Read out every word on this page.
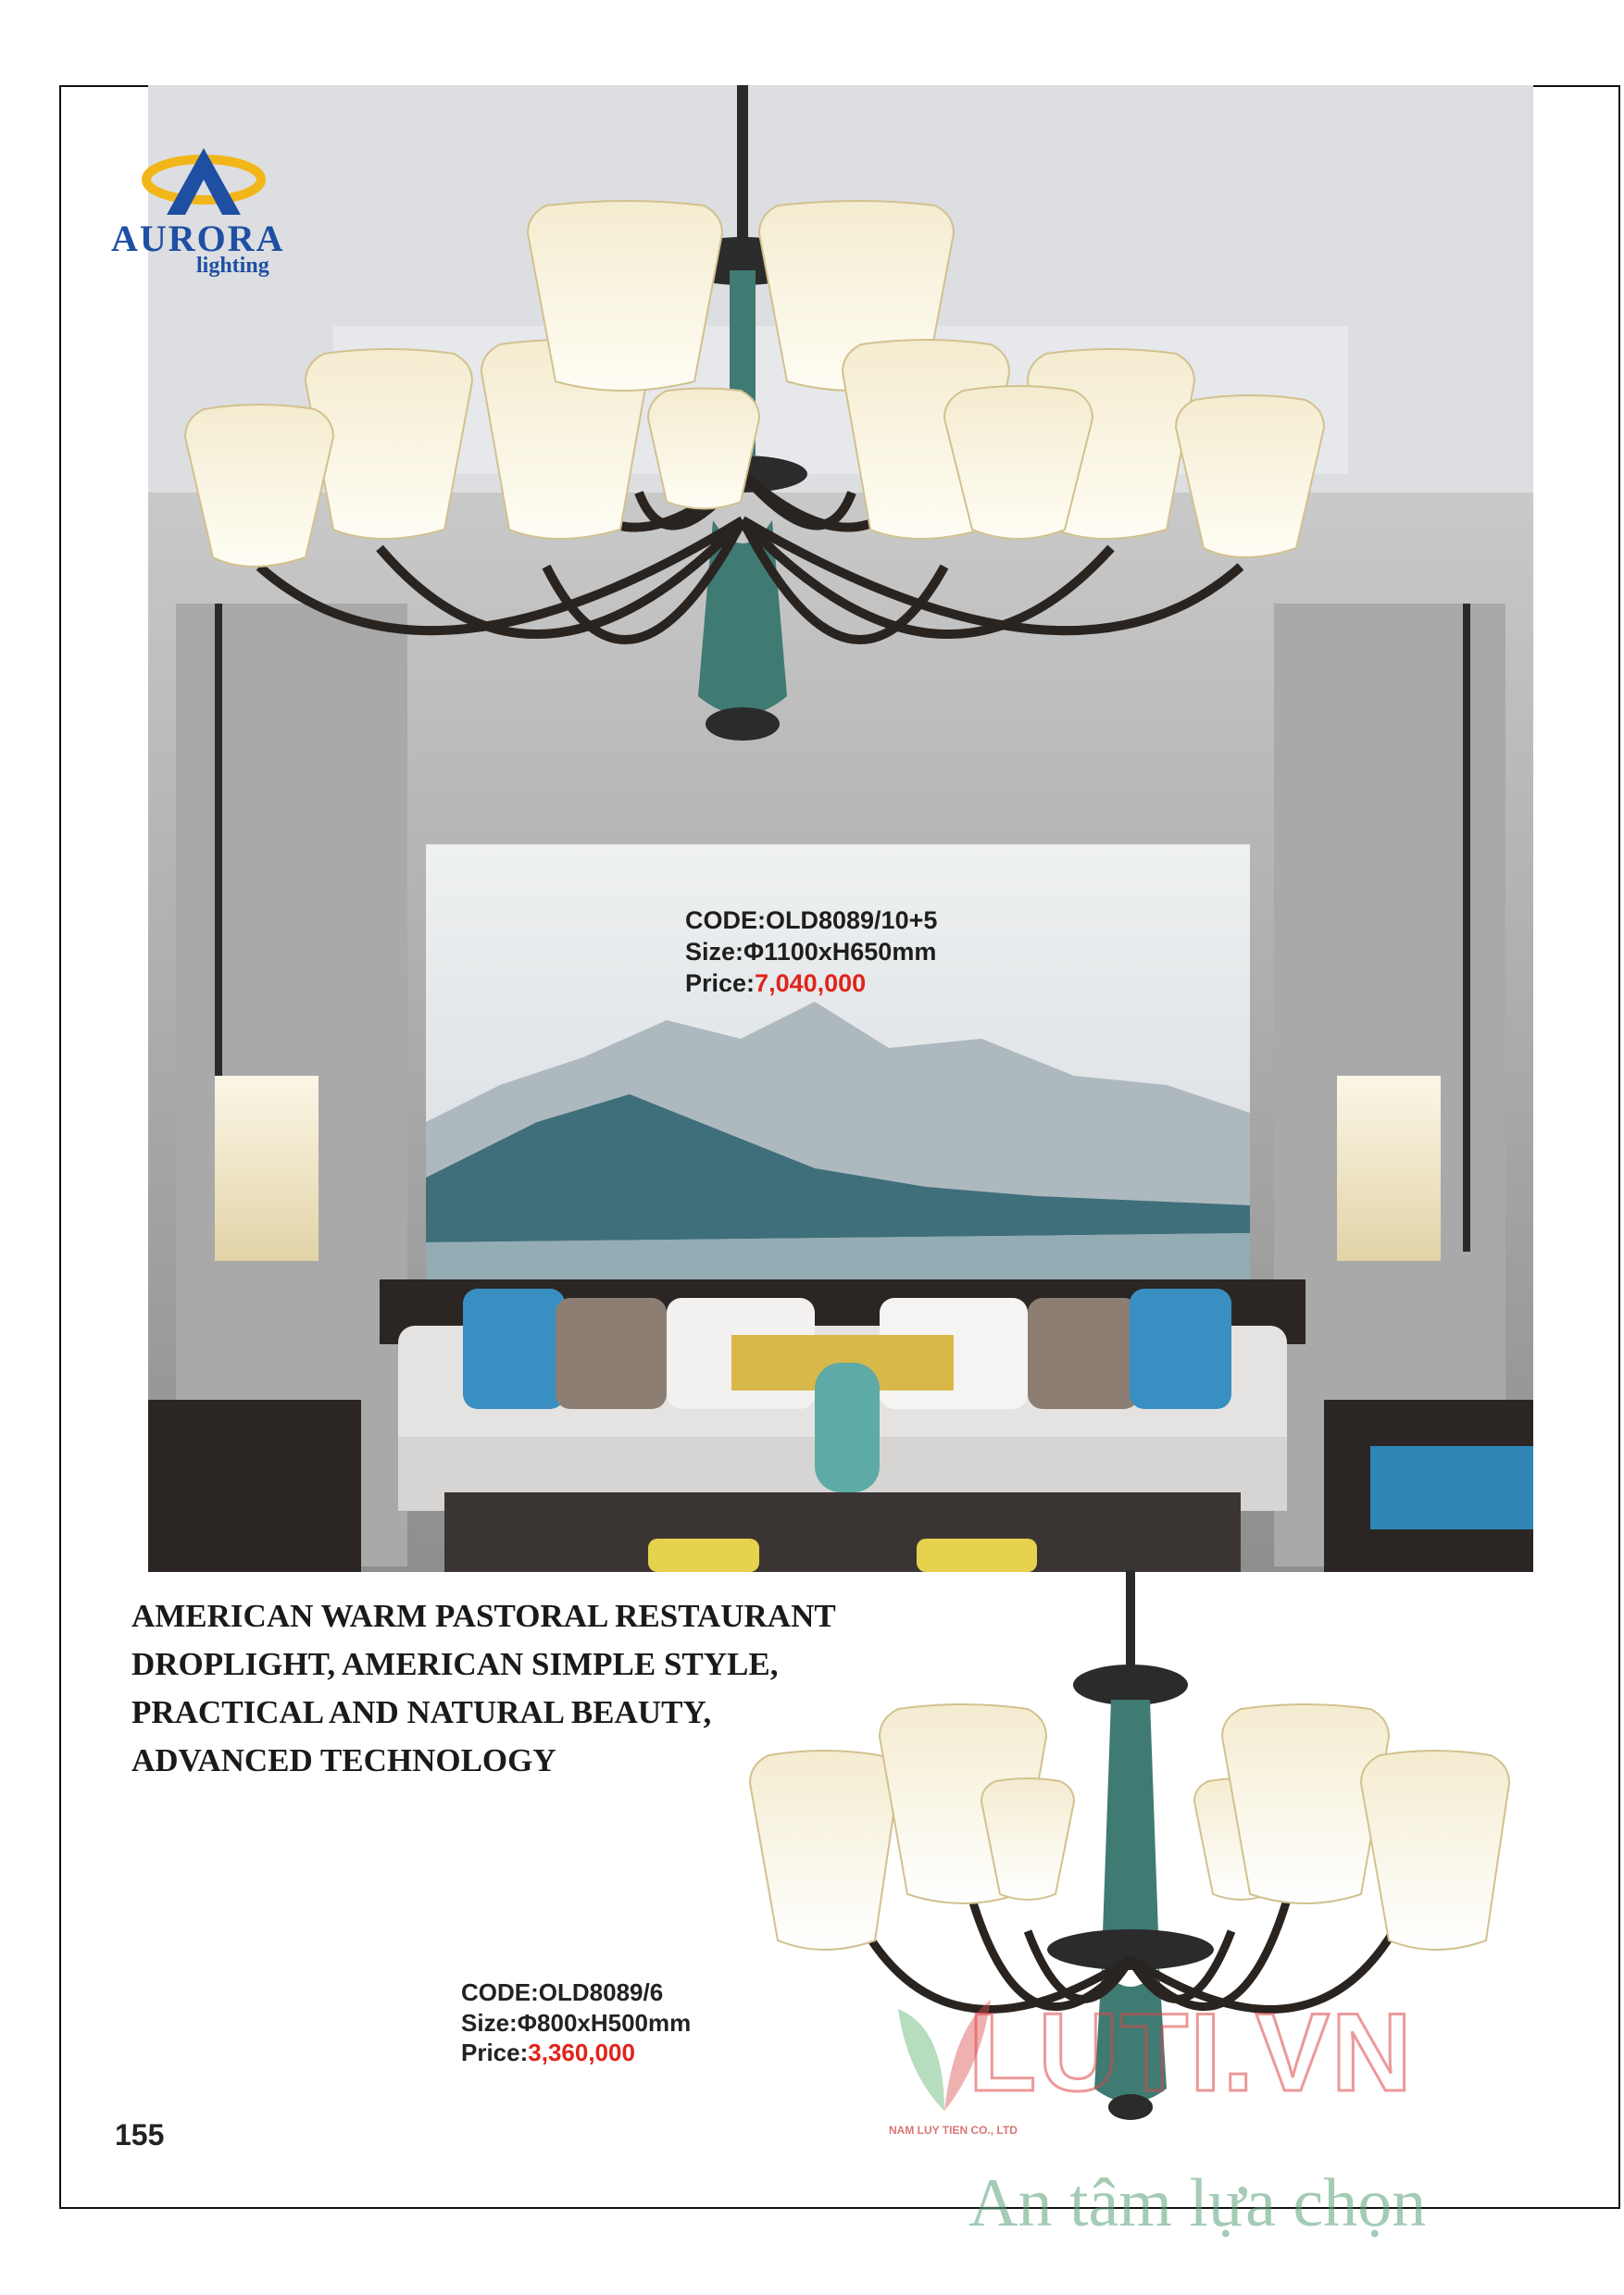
AURORA
lighting
CODE:OLD8089/10+5
Size:Φ1100xH650mm
Price:7,040,000
AMERICAN WARM PASTORAL RESTAURANT
DROPLIGHT, AMERICAN SIMPLE STYLE,
PRACTICAL AND NATURAL BEAUTY,
ADVANCED TECHNOLOGY
CODE:OLD8089/6
Size:Φ800xH500mm
Price:3,360,000
155
LUTI.VN
NAM LUY TIEN CO., LTD
An tâm lựa chọn
